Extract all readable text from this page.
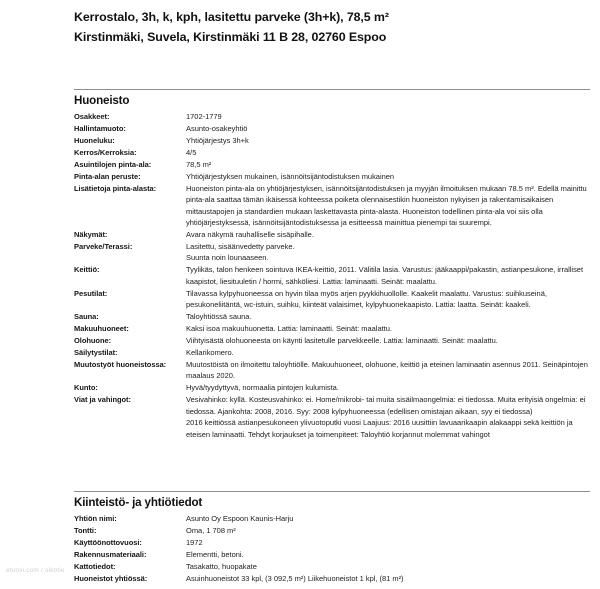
Kerrostalo, 3h, k, kph, lasitettu parveke (3h+k), 78,5 m²
Kirstinmäki, Suvela, Kirstinmäki 11 B 28, 02760 Espoo
Huoneisto
Osakkeet:	1702-1779

Hallintamuoto:	Asunto-osakeyhtiö

Huoneluku:	Yhtiöjärjestys 3h+k

Kerros/Kerroksia:	4/5

Asuintilojen pinta-ala:	78,5 m²

Pinta-alan peruste:	Yhtiöjärjestyksen mukainen, isännöitsijäntodistuksen mukainen

Lisätietoja pinta-alasta:	Huoneiston pinta-ala on yhtiöjärjestyksen, isännöitsijäntodistuksen ja myyjän ilmoituksen mukaan 78.5 m². Edellä mainittu pinta-ala saattaa tämän ikäisessä kohteessa poiketa olennaisestikin huoneiston nykyisen ja rakentamisaikaisen mittaustapojen ja standardien mukaan laskettavasta pinta-alasta. Huoneiston todellinen pinta-ala voi siis olla yhtiöjärjestyksessä, isännöitsijäntodistuksessa ja esitteessä mainittua pienempi tai suurempi.

Näkymät:	Avara näkymä rauhalliselle sisäpihalle.

Parveke/Terassi:	Lasitettu, sisäänvedetty parveke.

Suunta noin lounaaseen.

Keittiö:	Tyylikäs, talon henkeen sointuva IKEA-keittiö, 2011. Välitila lasia. Varustus: jääkaappi/pakastin, astianpesukone, irralliset kaapistot, liesituuletin / hormi, sähköliesi. Lattia: laminaatti. Seinät: maalattu.

Pesutilat:	Tilavassa kylpyhuoneessa on hyvin tilaa myös arjen pyykkihuollolle. Kaakelit maalattu. Varustus: suihkuseinä, pesukoneliitäntä, wc-istuin, suihku, kiinteät valaisimet, kylpyhuonekaapisto. Lattia: laatta. Seinät: kaakeli.

Sauna:	Taloyhtiössä sauna.

Makuuhuoneet:	Kaksi isoa makuuhuonetta. Lattia: laminaatti. Seinät: maalattu.

Olohuone:	Viihtyisästä olohuoneesta on käynti lasitetulle parvekkeelle. Lattia: laminaatti. Seinät: maalattu.

Säilytystilat:	Kellarikomero.

Muutostyöt huoneistossa:	Muutostöistä on ilmoitettu taloyhtiölle. Makuuhuoneet, olohuone, keittiö ja eteinen laminaatin asennus 2011. Seinäpintojen maalaus 2020.

Kunto:	Hyvä/tyydyttyvä, normaalia pintojen kulumista.

Viat ja vahingot:	Vesivahinko: kyllä. Kosteusvahinko: ei. Home/mikrobi- tai muita sisäilmaongelmia: ei tiedossa. Muita erityisiä ongelmia: ei tiedossa. Ajankohta: 2008, 2016. Syy: 2008 kylpyhuoneessa (edellisen omistajan aikaan, syy ei tiedossa)

2016 keittiössä astianpesukoneen ylivuotoputki vuosi Laajuus: 2016 uusittiin lavuaarikaapin alakaappi sekä keittiön ja eteisen laminaatti. Tehdyt korjaukset ja toimenpiteet: Taloyhtiö korjannut molemmat vahingot

Kiinteistö- ja yhtiötiedot
Yhtiön nimi:	Asunto Oy Espoon Kaunis-Harju

Tontti:	Oma, 1 708 m²

Käyttöönottovuosi:	1972

Rakennusmateriaali:	Elementti, betoni.

Kattotiedot:	Tasakatto, huopakate

Huoneistot yhtiössä:	Asuinhuoneistot 33 kpl, (3 092,5 m²) Liikehuoneistot 1 kpl, (81 m²)

etuovi.com / oikotie
